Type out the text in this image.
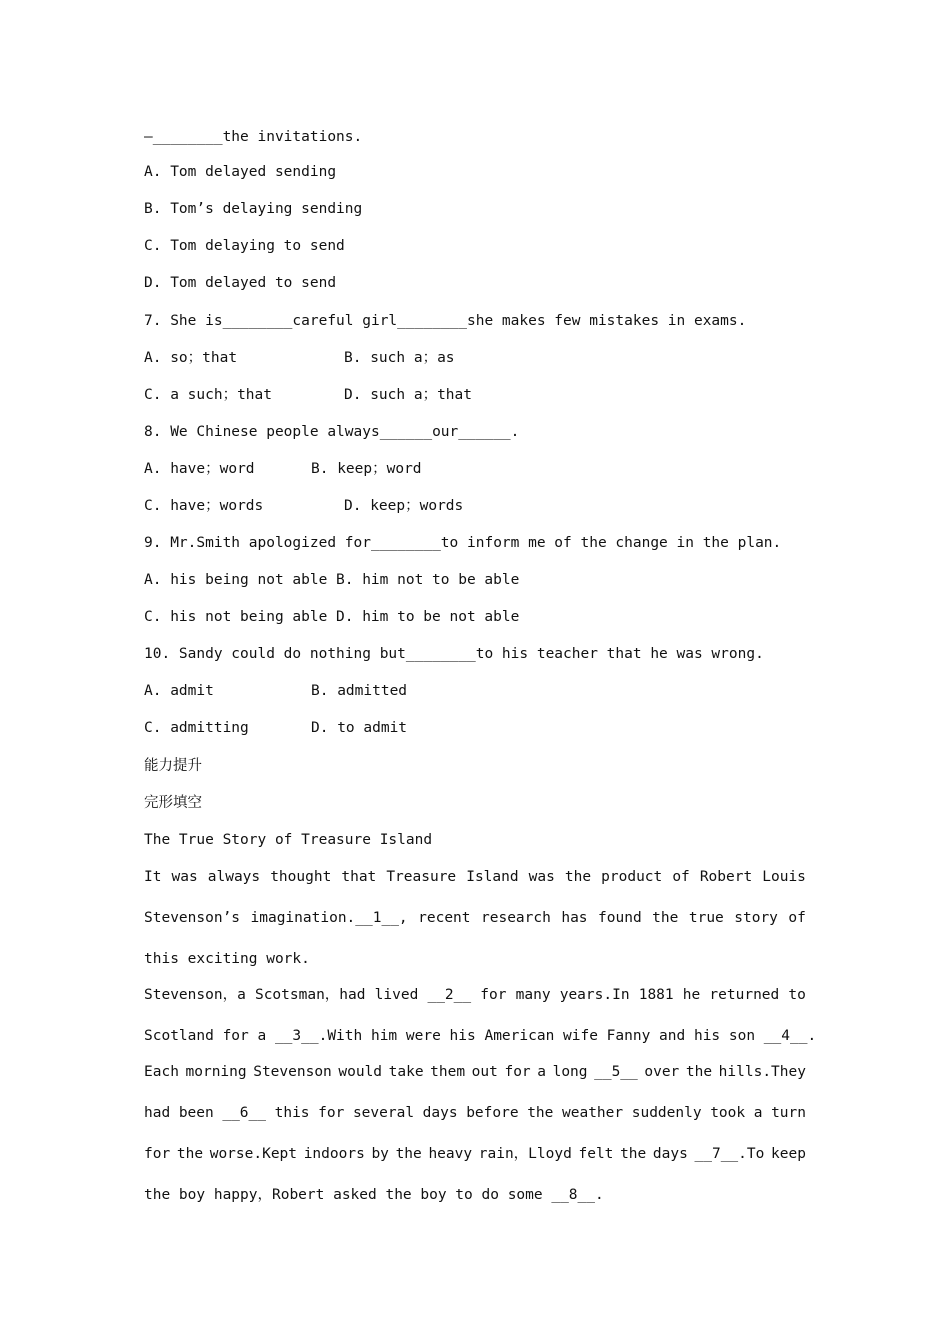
—________the invitations.
A. Tom delayed sending
B. Tom’s delaying sending
C. Tom delaying to send
D. Tom delayed to send
7. She is________careful girl________she makes few mistakes in exams.
A. so；that	B. such a；as
C. a such；that	D. such a；that
8. We Chinese people always______our______.
A. have；word	B. keep；word
C. have；words	D. keep；words
9. Mr.Smith apologized for________to inform me of the change in the plan.
A. his being not able B. him not to be able
C. his not being able D. him to be not able
10. Sandy could do nothing but________to his teacher that he was wrong.
A. admit	B. admitted
C. admitting	D. to admit
能力提升
完形填空
The True Story of Treasure Island
It was always thought that Treasure Island was the product of Robert Louis
Stevenson’s imagination.__1__, recent research has found the true story of
this exciting work.
Stevenson，a Scotsman，had lived __2__ for many years.In 1881 he returned to
Scotland for a __3__.With him were his American wife Fanny and his son __4__.
Each morning Stevenson would take them out for a long __5__ over the hills.They
had been __6__ this for several days before the weather suddenly took a turn
for the worse.Kept indoors by the heavy rain，Lloyd felt the days __7__.To keep
the boy happy，Robert asked the boy to do some __8__.
